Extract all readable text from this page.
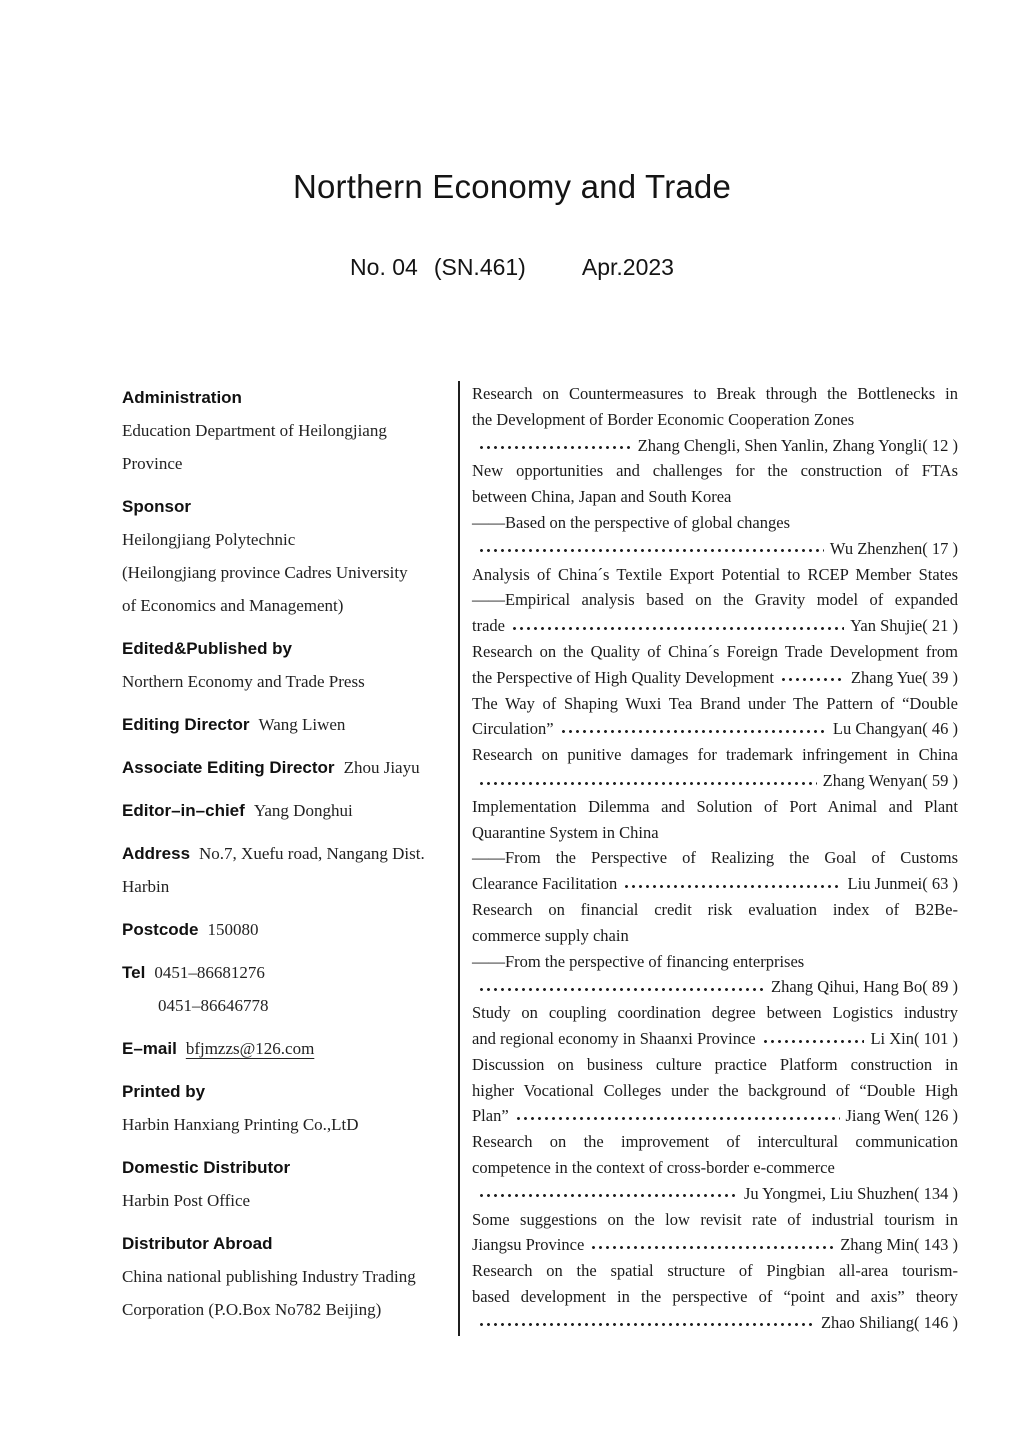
Northern Economy and Trade
No. 04 (SN.461) Apr.2023
Administration
Education Department of Heilongjiang
Province
Sponsor
Heilongjiang Polytechnic
(Heilongjiang province Cadres University
of Economics and Management)
Edited&Published by
Northern Economy and Trade Press
Editing Director Wang Liwen
Associate Editing Director Zhou Jiayu
Editor–in–chief Yang Donghui
Address No.7, Xuefu road, Nangang Dist.
Harbin
Postcode 150080
Tel 0451–86681276
0451–86646778
E–mail bfjmzzs@126.com
Printed by
Harbin Hanxiang Printing Co.,LtD
Domestic Distributor
Harbin Post Office
Distributor Abroad
China national publishing Industry Trading
Corporation (P.O.Box No782 Beijing)
Research on Countermeasures to Break through the Bottlenecks in
the Development of Border Economic Cooperation Zones
Zhang Chengli, Shen Yanlin, Zhang Yongli( 12 )
New opportunities and challenges for the construction of FTAs
between China, Japan and South Korea
——Based on the perspective of global changes
Wu Zhenzhen( 17 )
Analysis of China´s Textile Export Potential to RCEP Member States
——Empirical analysis based on the Gravity model of expanded
trade	Yan Shujie( 21 )
Research on the Quality of China´s Foreign Trade Development from
the Perspective of High Quality Development	Zhang Yue( 39 )
The Way of Shaping Wuxi Tea Brand under The Pattern of “Double
Circulation”	Lu Changyan( 46 )
Research on punitive damages for trademark infringement in China
Zhang Wenyan( 59 )
Implementation Dilemma and Solution of Port Animal and Plant
Quarantine System in China
——From the Perspective of Realizing the Goal of Customs
Clearance Facilitation	Liu Junmei( 63 )
Research on financial credit risk evaluation index of B2Be-
commerce supply chain
——From the perspective of financing enterprises
Zhang Qihui, Hang Bo( 89 )
Study on coupling coordination degree between Logistics industry
and regional economy in Shaanxi Province	Li Xin( 101 )
Discussion on business culture practice Platform construction in
higher Vocational Colleges under the background of “Double High
Plan”	Jiang Wen( 126 )
Research on the improvement of intercultural communication
competence in the context of cross-border e-commerce
Ju Yongmei, Liu Shuzhen( 134 )
Some suggestions on the low revisit rate of industrial tourism in
Jiangsu Province	Zhang Min( 143 )
Research on the spatial structure of Pingbian all-area tourism-
based development in the perspective of “point and axis” theory
Zhao Shiliang( 146 )
